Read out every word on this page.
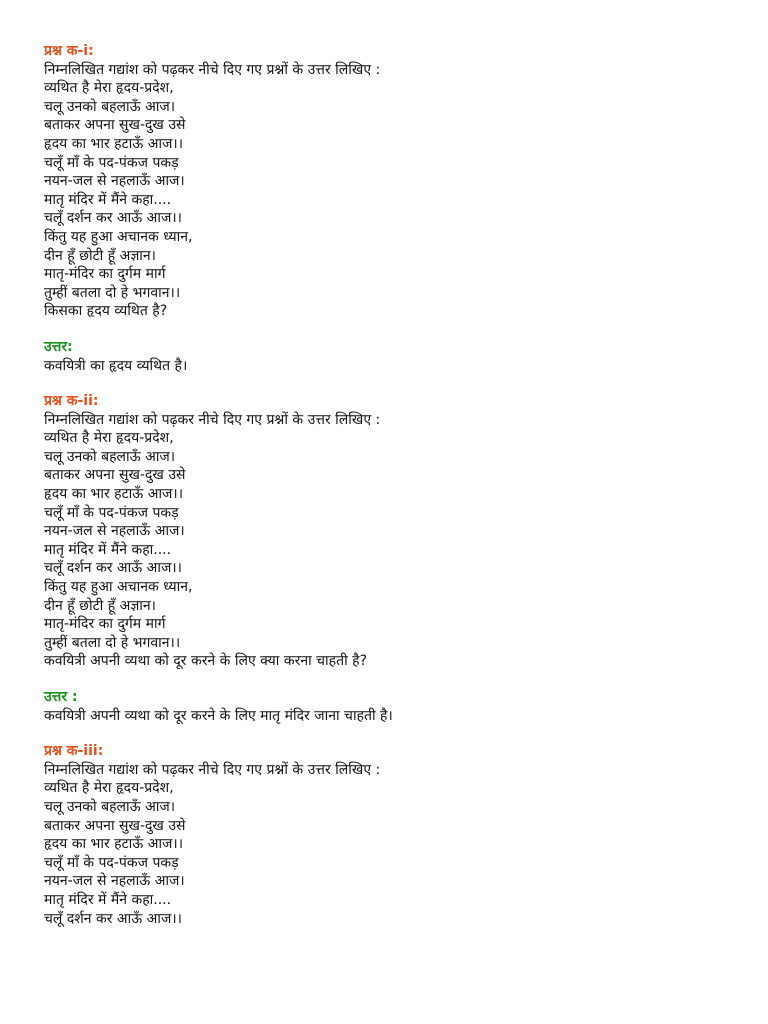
प्रश्न क-i:
निम्नलिखित गद्यांश को पढ़कर नीचे दिए गए प्रश्नों के उत्तर लिखिए :
व्यथित है मेरा हृदय-प्रदेश,
चलू उनको बहलाऊँ आज।
बताकर अपना सुख-दुख उसे
हृदय का भार हटाऊँ आज।।
चलूँ माँ के पद-पंकज पकड़
नयन-जल से नहलाऊँ आज।
मातृ मंदिर में मैंने कहा....
चलूँ दर्शन कर आऊँ आज।।
किंतु यह हुआ अचानक ध्यान,
दीन हूँ छोटी हूँ अज्ञान।
मातृ-मंदिर का दुर्गम मार्ग
तुम्हीं बतला दो हे भगवान।।
किसका हृदय व्यथित है?
उत्तर:
कवयित्री का हृदय व्यथित है।
प्रश्न क-ii:
निम्नलिखित गद्यांश को पढ़कर नीचे दिए गए प्रश्नों के उत्तर लिखिए :
व्यथित है मेरा हृदय-प्रदेश,
चलू उनको बहलाऊँ आज।
बताकर अपना सुख-दुख उसे
हृदय का भार हटाऊँ आज।।
चलूँ माँ के पद-पंकज पकड़
नयन-जल से नहलाऊँ आज।
मातृ मंदिर में मैंने कहा....
चलूँ दर्शन कर आऊँ आज।।
किंतु यह हुआ अचानक ध्यान,
दीन हूँ छोटी हूँ अज्ञान।
मातृ-मंदिर का दुर्गम मार्ग
तुम्हीं बतला दो हे भगवान।।
कवयित्री अपनी व्यथा को दूर करने के लिए क्या करना चाहती है?
उत्तर :
कवयित्री अपनी व्यथा को दूर करने के लिए मातृ मंदिर जाना चाहती है।
प्रश्न क-iii:
निम्नलिखित गद्यांश को पढ़कर नीचे दिए गए प्रश्नों के उत्तर लिखिए :
व्यथित है मेरा हृदय-प्रदेश,
चलू उनको बहलाऊँ आज।
बताकर अपना सुख-दुख उसे
हृदय का भार हटाऊँ आज।।
चलूँ माँ के पद-पंकज पकड़
नयन-जल से नहलाऊँ आज।
मातृ मंदिर में मैंने कहा....
चलूँ दर्शन कर आऊँ आज।।
